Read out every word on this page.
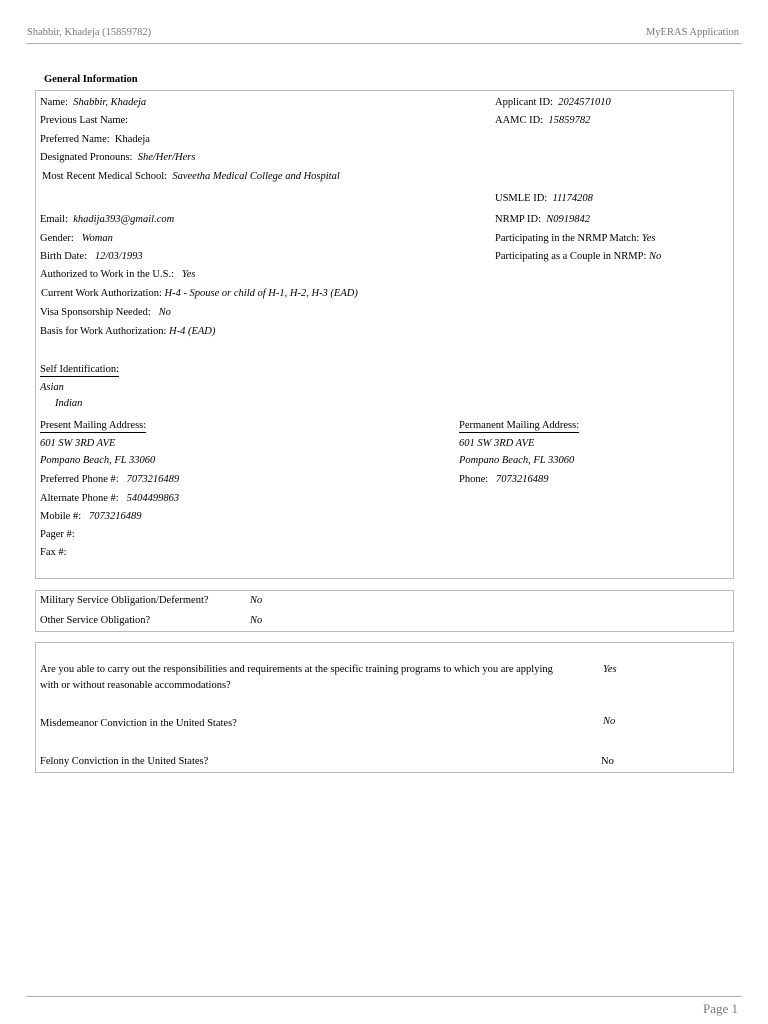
Shabbir, Khadeja (15859782)	MyERAS Application
General Information
Name: Shabbir, Khadeja
Previous Last Name:
Preferred Name: Khadeja
Designated Pronouns: She/Her/Hers
Most Recent Medical School: Saveetha Medical College and Hospital
Email: khadija393@gmail.com
Gender: Woman
Birth Date: 12/03/1993
Authorized to Work in the U.S.: Yes
Current Work Authorization: H-4 - Spouse or child of H-1, H-2, H-3 (EAD)
Visa Sponsorship Needed: No
Basis for Work Authorization: H-4 (EAD)
Applicant ID: 2024571010
AAMC ID: 15859782
USMLE ID: 11174208
NRMP ID: N0919842
Participating in the NRMP Match: Yes
Participating as a Couple in NRMP: No
Self Identification:
Asian
Indian
Present Mailing Address:
601 SW 3RD AVE
Pompano Beach, FL 33060
Preferred Phone #: 7073216489
Alternate Phone #: 5404499863
Mobile #: 7073216489
Pager #:
Fax #:
Permanent Mailing Address:
601 SW 3RD AVE
Pompano Beach, FL 33060
Phone: 7073216489
Military Service Obligation/Deferment?	No
Other Service Obligation?	No
Are you able to carry out the responsibilities and requirements at the specific training programs to which you are applying
with or without reasonable accommodations?
Yes
Misdemeanor Conviction in the United States?	No
Felony Conviction in the United States?	No
Page 1
